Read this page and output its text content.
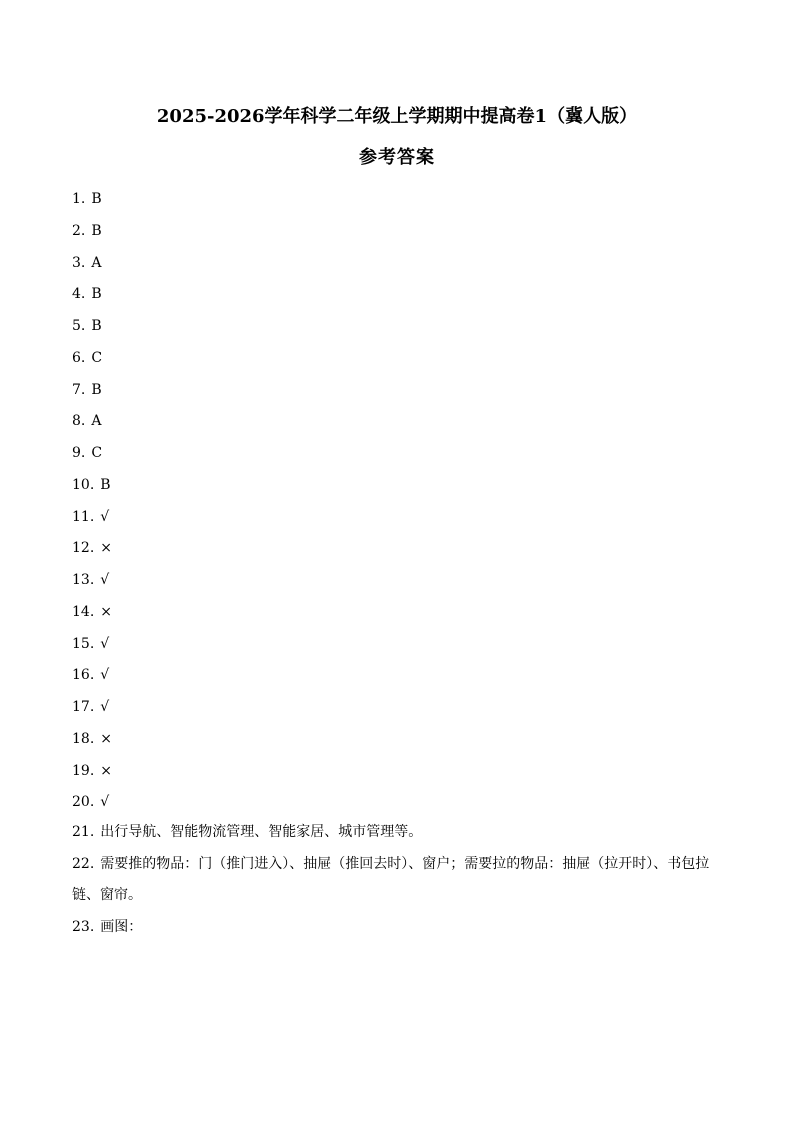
2025-2026学年科学二年级上学期期中提高卷1（冀人版）
参考答案
1. B
2. B
3. A
4. B
5. B
6. C
7. B
8. A
9. C
10. B
11. √
12. ×
13. √
14. ×
15. √
16. √
17. √
18. ×
19. ×
20. √
21. 出行导航、智能物流管理、智能家居、城市管理等。
22. 需要推的物品：门（推门进入）、抽屉（推回去时）、窗户；需要拉的物品：抽屉（拉开时）、书包拉链、窗帘。
23. 画图：
